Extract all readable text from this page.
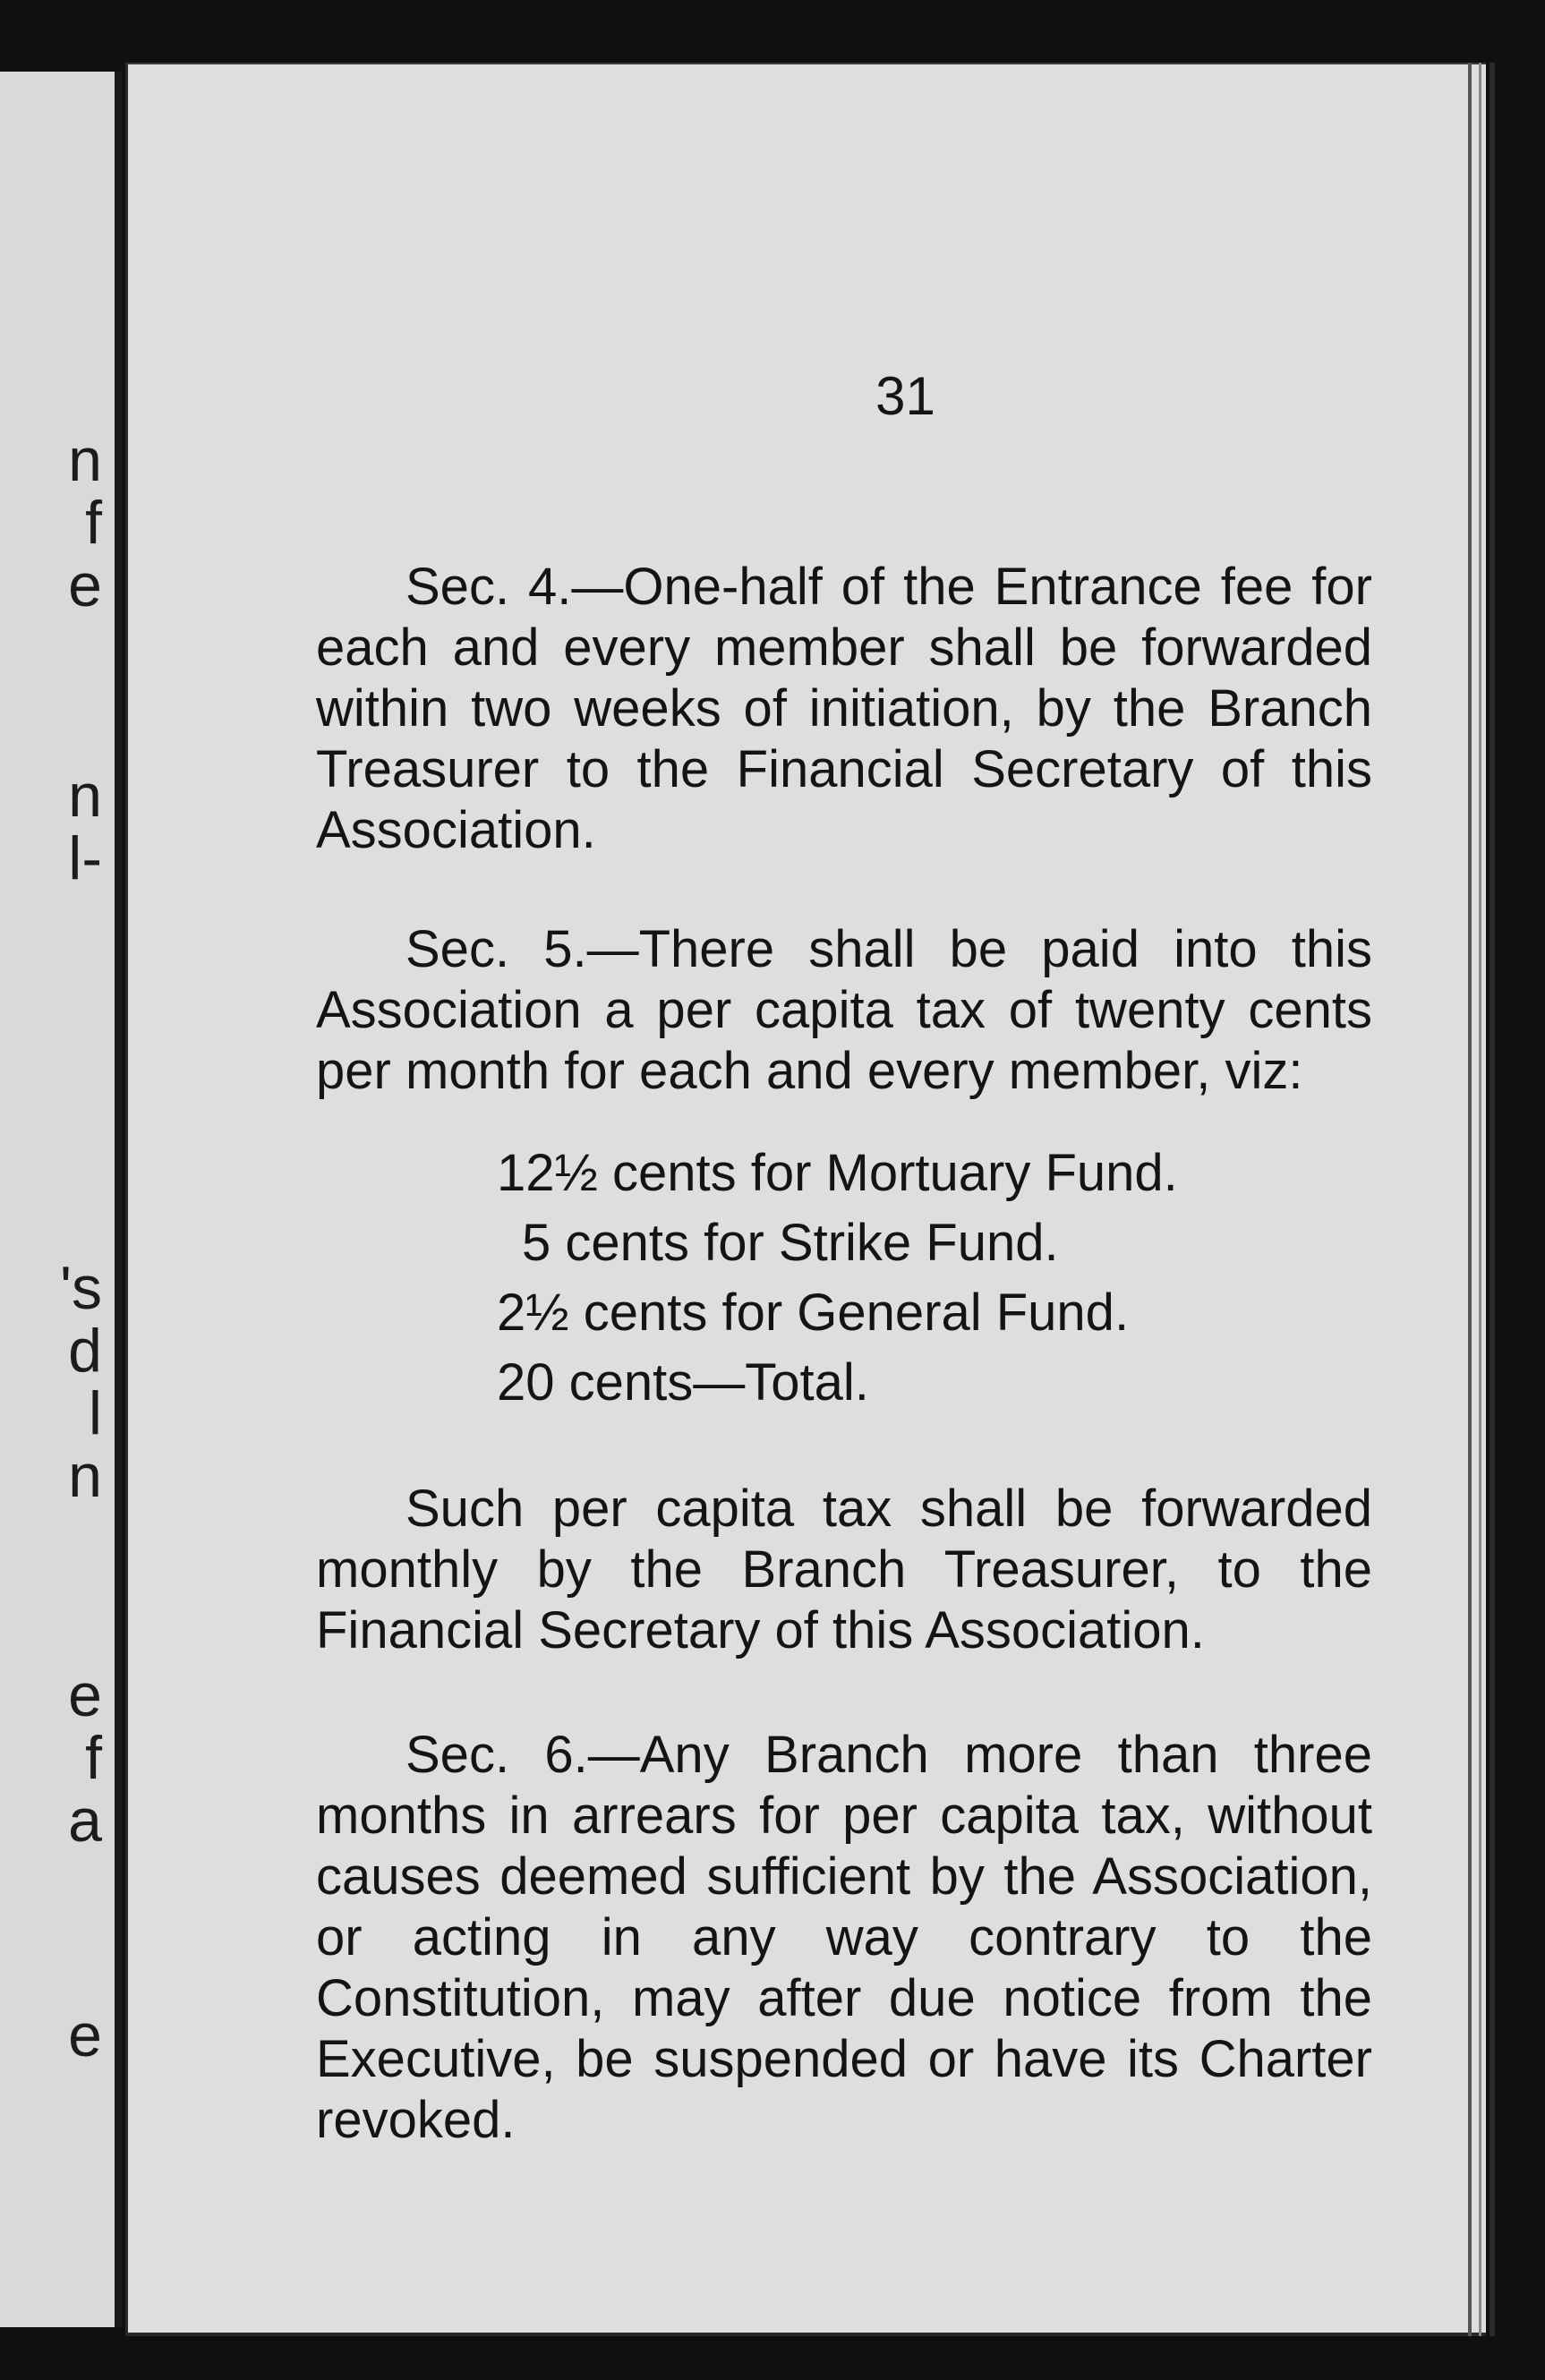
n
f
e
n
l-
's
d
l
n
e
f
a
e
31

Sec. 4.—One-half of the Entrance fee for each and every member shall be forwarded within two weeks of initiation, by the Branch Treasurer to the Financial Secretary of this Association.

Sec. 5.—There shall be paid into this Association a per capita tax of twenty cents per month for each and every member, viz:

12½ cents for Mortuary Fund.
5 cents for Strike Fund.
2½ cents for General Fund.
20 cents—Total.

Such per capita tax shall be forwarded monthly by the Branch Treasurer, to the Financial Secretary of this Association.

Sec. 6.—Any Branch more than three months in arrears for per capita tax, without causes deemed sufficient by the Association, or acting in any way contrary to the Constitution, may after due notice from the Executive, be suspended or have its Charter revoked.
